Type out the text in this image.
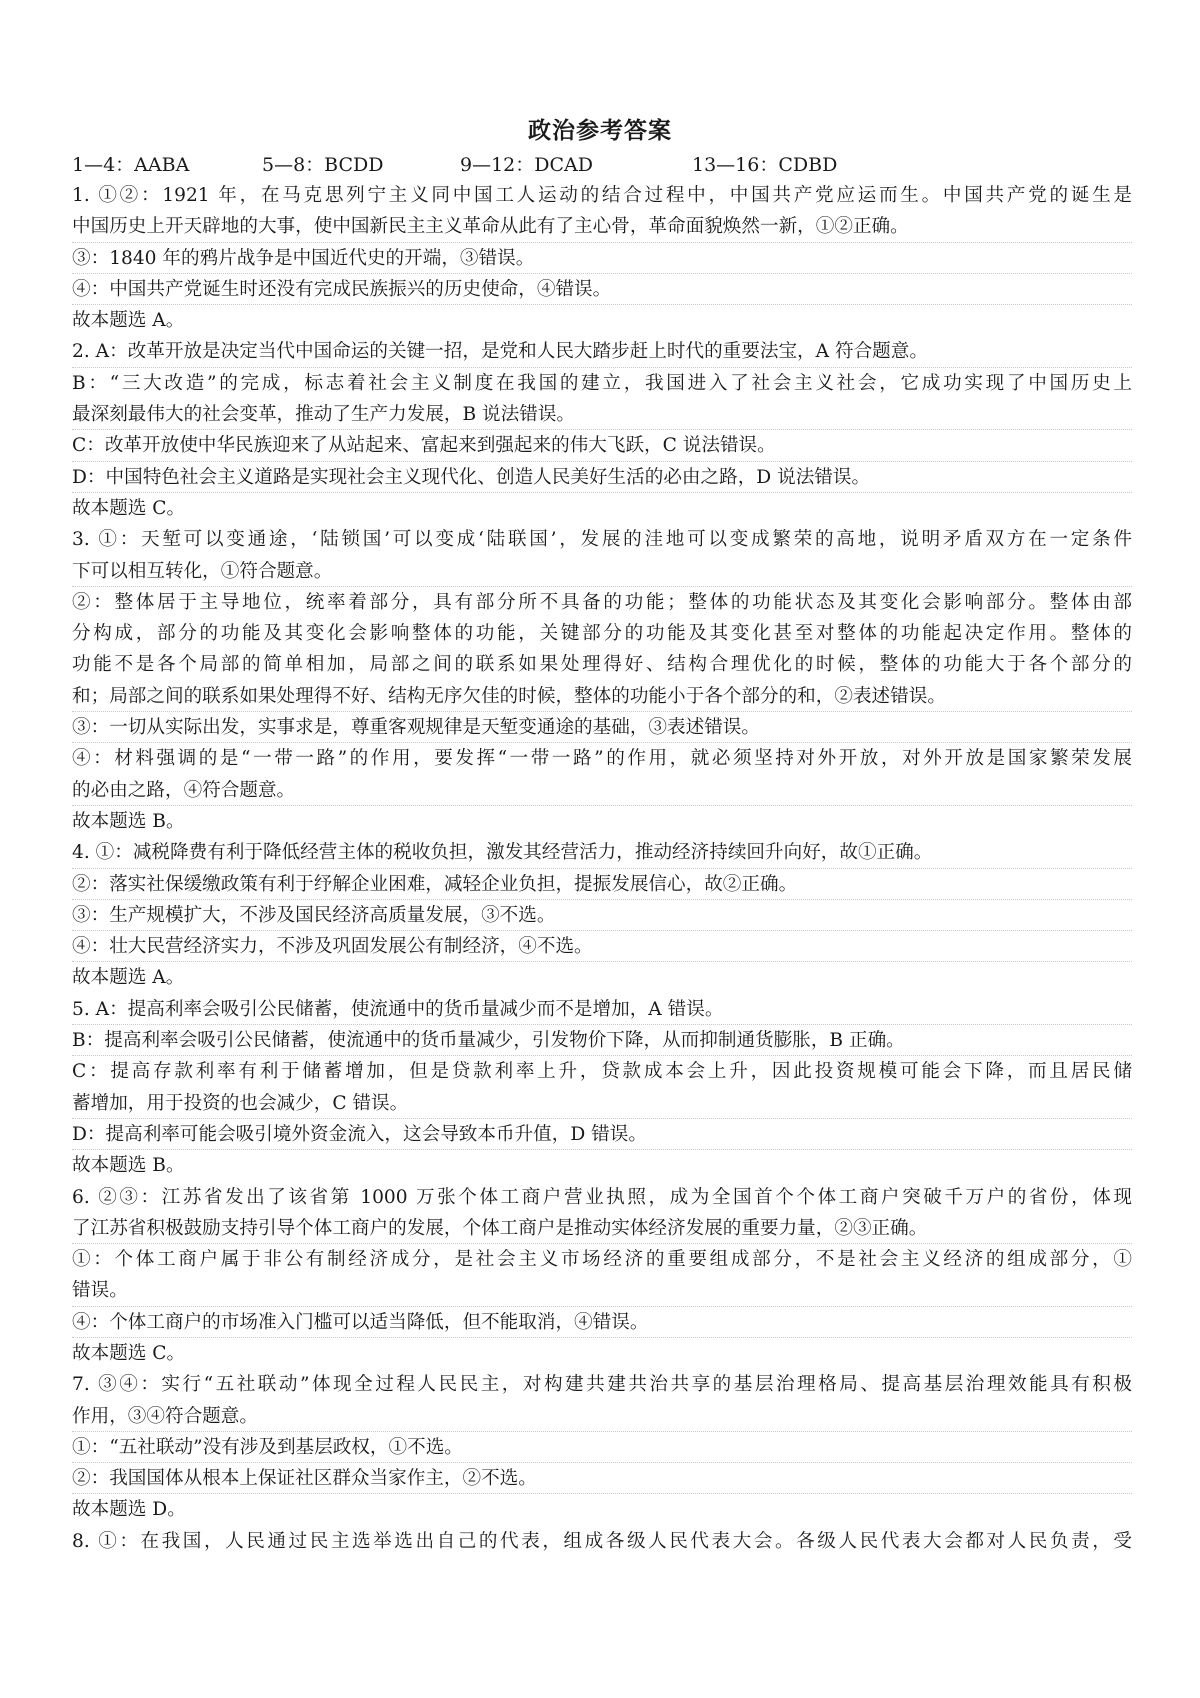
政治参考答案
1—4：AABA	5—8：BCDD	9—12：DCAD	13—16：CDBD
1. ①②：1921 年，在马克思列宁主义同中国工人运动的结合过程中，中国共产党应运而生。中国共产党的诞生是
中国历史上开天辟地的大事，使中国新民主主义革命从此有了主心骨，革命面貌焕然一新，①②正确。
③：1840 年的鸦片战争是中国近代史的开端，③错误。
④：中国共产党诞生时还没有完成民族振兴的历史使命，④错误。
故本题选 A。
2. A：改革开放是决定当代中国命运的关键一招，是党和人民大踏步赶上时代的重要法宝，A 符合题意。
B：“三大改造”的完成，标志着社会主义制度在我国的建立，我国进入了社会主义社会，它成功实现了中国历史上
最深刻最伟大的社会变革，推动了生产力发展，B 说法错误。
C：改革开放使中华民族迎来了从站起来、富起来到强起来的伟大飞跃，C 说法错误。
D：中国特色社会主义道路是实现社会主义现代化、创造人民美好生活的必由之路，D 说法错误。
故本题选 C。
3. ①：天堑可以变通途，‘陆锁国’可以变成‘陆联国’，发展的洼地可以变成繁荣的高地，说明矛盾双方在一定条件
下可以相互转化，①符合题意。
②：整体居于主导地位，统率着部分，具有部分所不具备的功能；整体的功能状态及其变化会影响部分。整体由部
分构成，部分的功能及其变化会影响整体的功能，关键部分的功能及其变化甚至对整体的功能起决定作用。整体的
功能不是各个局部的简单相加，局部之间的联系如果处理得好、结构合理优化的时候，整体的功能大于各个部分的
和；局部之间的联系如果处理得不好、结构无序欠佳的时候，整体的功能小于各个部分的和，②表述错误。
③：一切从实际出发，实事求是，尊重客观规律是天堑变通途的基础，③表述错误。
④：材料强调的是“一带一路”的作用，要发挥“一带一路”的作用，就必须坚持对外开放，对外开放是国家繁荣发展
的必由之路，④符合题意。
故本题选 B。
4. ①：减税降费有利于降低经营主体的税收负担，激发其经营活力，推动经济持续回升向好，故①正确。
②：落实社保缓缴政策有利于纾解企业困难，减轻企业负担，提振发展信心，故②正确。
③：生产规模扩大，不涉及国民经济高质量发展，③不选。
④：壮大民营经济实力，不涉及巩固发展公有制经济，④不选。
故本题选 A。
5. A：提高利率会吸引公民储蓄，使流通中的货币量减少而不是增加，A 错误。
B：提高利率会吸引公民储蓄，使流通中的货币量减少，引发物价下降，从而抑制通货膨胀，B 正确。
C：提高存款利率有利于储蓄增加，但是贷款利率上升，贷款成本会上升，因此投资规模可能会下降，而且居民储
蓄增加，用于投资的也会减少，C 错误。
D：提高利率可能会吸引境外资金流入，这会导致本币升值，D 错误。
故本题选 B。
6. ②③：江苏省发出了该省第 1000 万张个体工商户营业执照，成为全国首个个体工商户突破千万户的省份，体现
了江苏省积极鼓励支持引导个体工商户的发展，个体工商户是推动实体经济发展的重要力量，②③正确。
①：个体工商户属于非公有制经济成分，是社会主义市场经济的重要组成部分，不是社会主义经济的组成部分，①
错误。
④：个体工商户的市场准入门槛可以适当降低，但不能取消，④错误。
故本题选 C。
7. ③④：实行“五社联动”体现全过程人民民主，对构建共建共治共享的基层治理格局、提高基层治理效能具有积极
作用，③④符合题意。
①：“五社联动”没有涉及到基层政权，①不选。
②：我国国体从根本上保证社区群众当家作主，②不选。
故本题选 D。
8. ①：在我国，人民通过民主选举选出自己的代表，组成各级人民代表大会。各级人民代表大会都对人民负责，受
